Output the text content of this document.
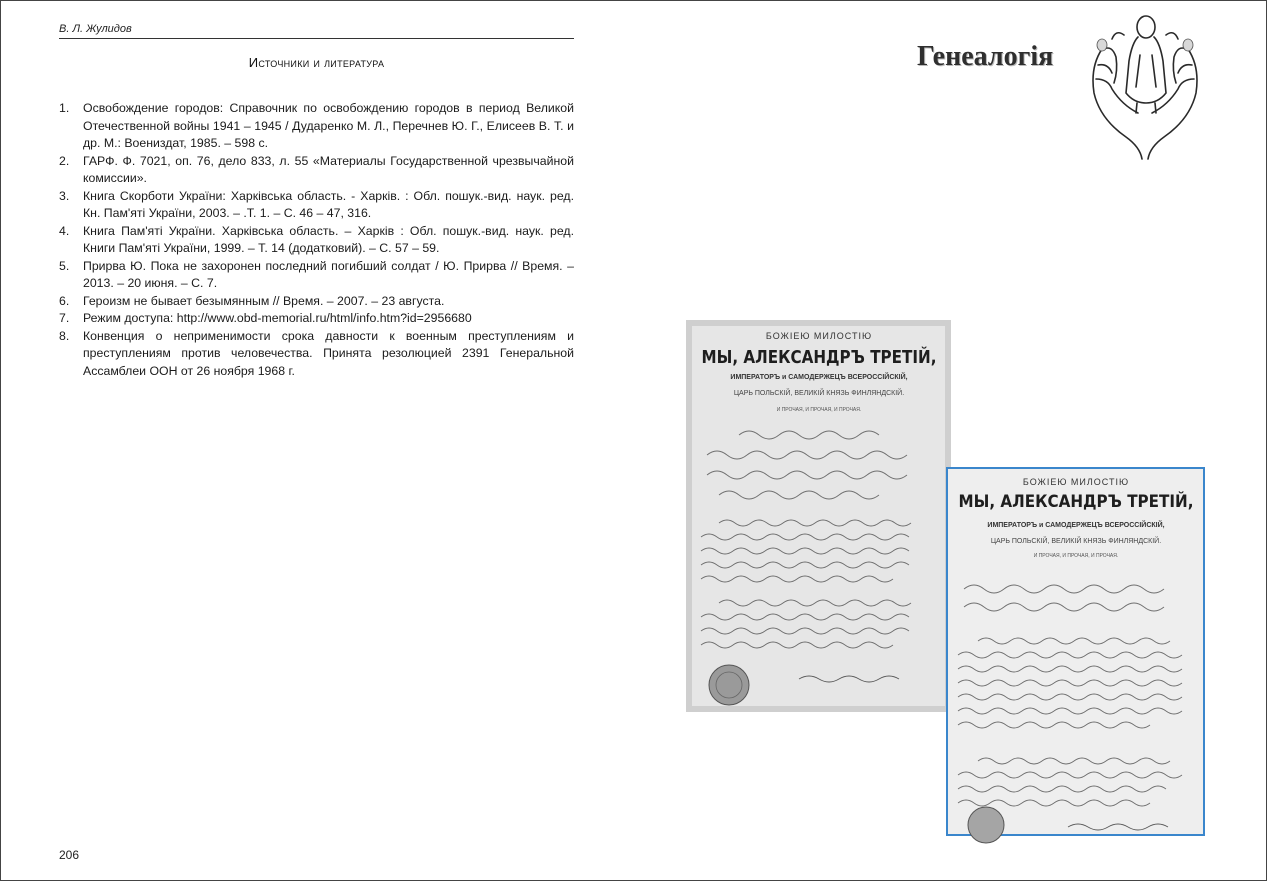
В. Л. Жулидов
Источники и литература
1. Освобождение городов: Справочник по освобождению городов в период Великой Отечественной войны 1941 – 1945 / Дударенко М. Л., Перечнев Ю. Г., Елисеев В. Т. и др. М.: Воениздат, 1985. – 598 с.
2. ГАРФ. Ф. 7021, оп. 76, дело 833, л. 55 «Материалы Государственной чрезвычайной комиссии».
3. Книга Скорботи України: Харківська область. - Харків. : Обл. пошук.-вид. наук. ред. Кн. Пам'яті України, 2003. – .Т. 1. – С. 46 – 47, 316.
4. Книга Пам'яті України. Харківська область. – Харків : Обл. пошук.-вид. наук. ред. Книги Пам'яті України, 1999. – Т. 14 (додатковий). – С. 57 – 59.
5. Прирва Ю. Пока не захоронен последний погибший солдат / Ю. Прирва // Время. – 2013. – 20 июня. – С. 7.
6. Героизм не бывает безымянным // Время. – 2007. – 23 августа.
7. Режим доступа: http://www.obd-memorial.ru/html/info.htm?id=2956680
8. Конвенция о неприменимости срока давности к военным преступлениям и преступлениям против человечества. Принята резолюцией 2391 Генеральной Ассамблеи ООН от 26 ноября 1968 г.
206
Генеалогія
БОЖІЕЮ МИЛОСТІЮ
МЫ, АЛЕКСАНДРЪ ТРЕТІЙ,
ИМПЕРАТОРЪ и САМОДЕРЖЕЦЪ ВСЕРОССІЙСКІЙ,
ЦАРЬ ПОЛЬСКІЙ, ВЕЛИКІЙ КНЯЗЬ ФИНЛЯНДСКІЙ.
И ПРОЧАЯ, И ПРОЧАЯ, И ПРОЧАЯ.
БОЖІЕЮ МИЛОСТІЮ
МЫ, АЛЕКСАНДРЪ ТРЕТІЙ,
ИМПЕРАТОРЪ и САМОДЕРЖЕЦЪ ВСЕРОССІЙСКІЙ,
ЦАРЬ ПОЛЬСКІЙ, ВЕЛИКІЙ КНЯЗЬ ФИНЛЯНДСКІЙ.
И ПРОЧАЯ, И ПРОЧАЯ, И ПРОЧАЯ.
